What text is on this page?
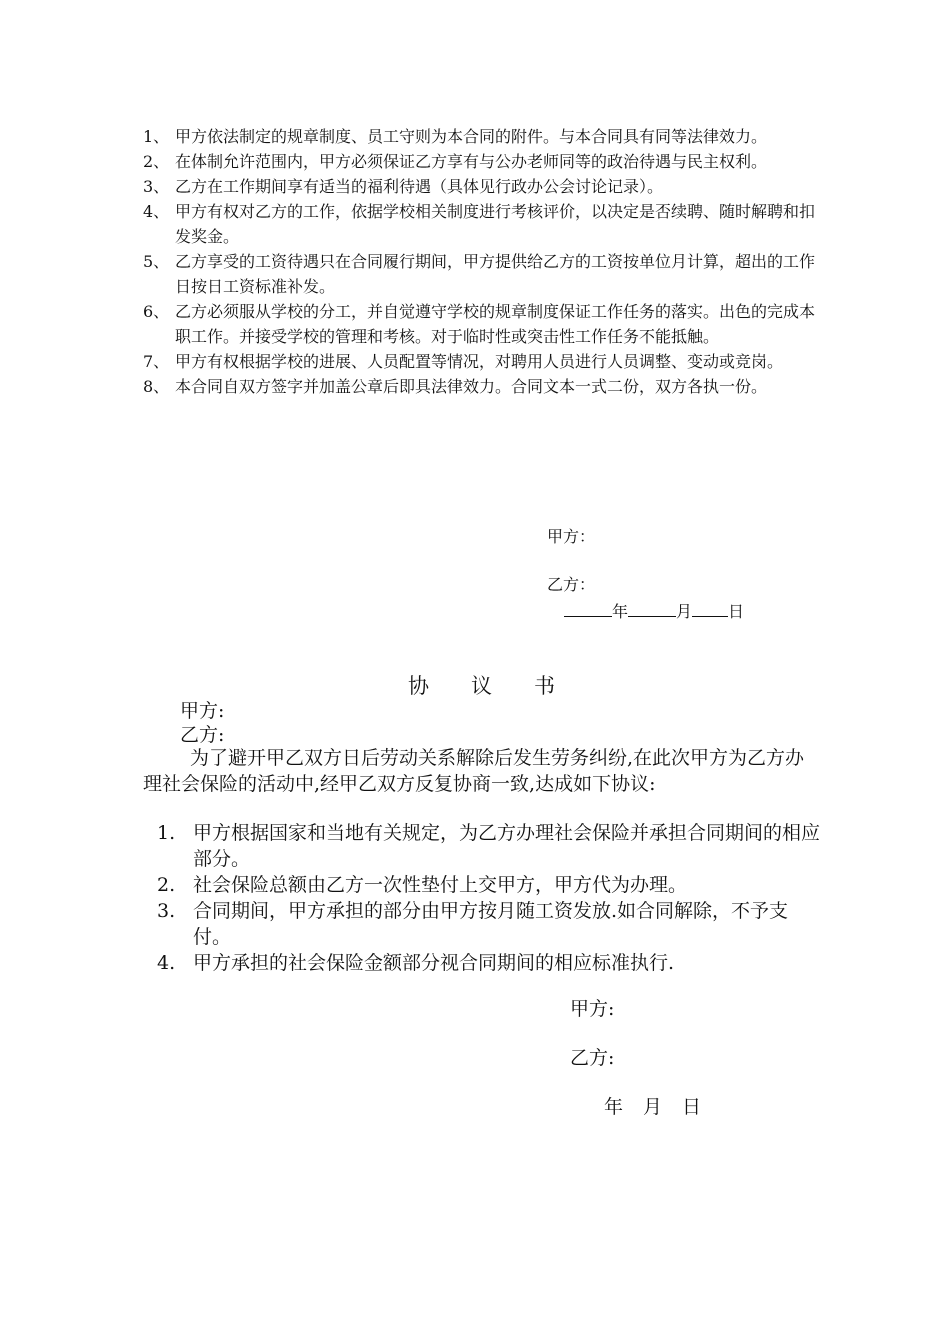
1、 甲方依法制定的规章制度、员工守则为本合同的附件。与本合同具有同等法律效力。
2、 在体制允许范围内，甲方必须保证乙方享有与公办老师同等的政治待遇与民主权利。
3、 乙方在工作期间享有适当的福利待遇（具体见行政办公会讨论记录）。
4、 甲方有权对乙方的工作，依据学校相关制度进行考核评价，以决定是否续聘、随时解聘和扣发奖金。
5、 乙方享受的工资待遇只在合同履行期间，甲方提供给乙方的工资按单位月计算，超出的工作日按日工资标准补发。
6、 乙方必须服从学校的分工，并自觉遵守学校的规章制度保证工作任务的落实。出色的完成本职工作。并接受学校的管理和考核。对于临时性或突击性工作任务不能抵触。
7、 甲方有权根据学校的进展、人员配置等情况，对聘用人员进行人员调整、变动或竞岗。
8、 本合同自双方签字并加盖公章后即具法律效力。合同文本一式二份，双方各执一份。
甲方：
乙方：
年	月 日
协议书
甲方:
乙方:

为了避开甲乙双方日后劳动关系解除后发生劳务纠纷,在此次甲方为乙方办理社会保险的活动中,经甲乙双方反复协商一致,达成如下协议:

1. 甲方根据国家和当地有关规定，为乙方办理社会保险并承担合同期间的相应部分。
2. 社会保险总额由乙方一次性垫付上交甲方，甲方代为办理。
3. 合同期间，甲方承担的部分由甲方按月随工资发放.如合同解除，不予支付。
4. 甲方承担的社会保险金额部分视合同期间的相应标准执行.
甲方:
乙方:
年 月 日
